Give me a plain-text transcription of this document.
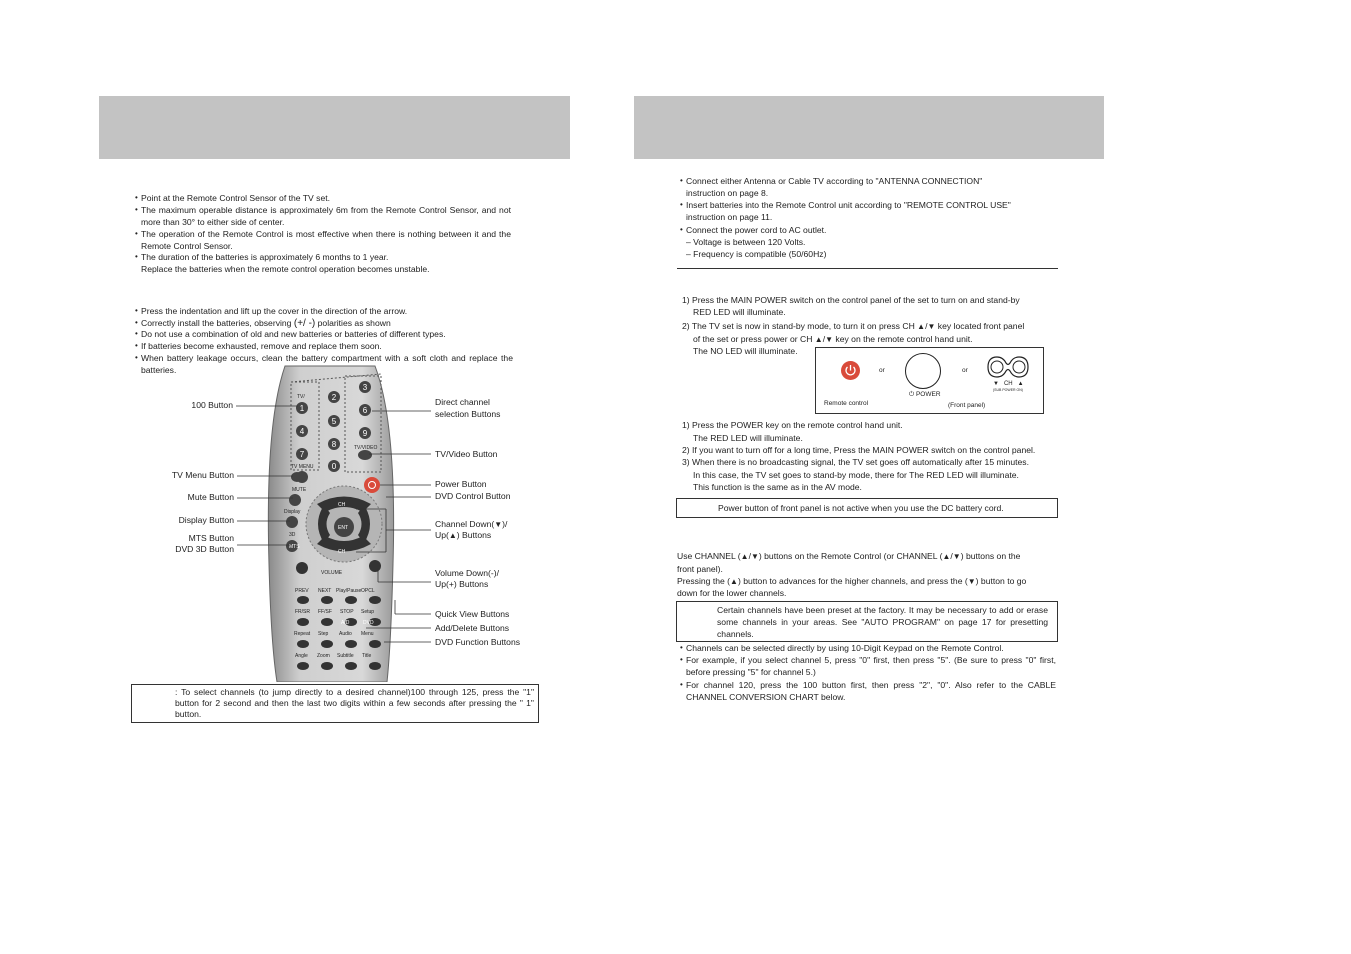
• Point at the Remote Control Sensor of the TV set.
• The maximum operable distance is approximately 6m from the Remote Control Sensor, and not more than 30° to either side of center.
• The operation of the Remote Control is most effective when there is nothing between it and the Remote Control Sensor.
• The duration of the batteries is approximately 6 months to 1 year.
Replace the batteries when the remote control operation becomes unstable.
• Press the indentation and lift up the cover in the direction of the arrow.
• Correctly install the batteries, observing (+/ -) polarities as shown
• Do not use a combination of old and new batteries or batteries of different types.
• If batteries become exhausted, remove and replace them soon.
• When battery leakage occurs, clean the battery compartment with a soft cloth and replace the batteries.
1
2
3
4
5
6
7
8
9
0
TV/
TV MENU
TV/VIDEO
MUTE
Display
3D
MTS
CH
CH
ENT
VOLUME
PREV NEXT Play/Pause OPCL
FR/SR FF/SF STOP Setup
A/D	DVD
Repeat Step Audio Menu
Angle Zoom Subtitle Title
100 Button
TV Menu Button
Mute Button
Display Button
MTS Button
DVD 3D Button
Direct channel
selection Buttons
TV/Video Button
Power Button
DVD Control Button
Channel Down(▼)/
Up(▲) Buttons
Volume Down(-)/
Up(+) Buttons
Quick View Buttons
Add/Delete Buttons
DVD Function Buttons
: To select channels (to jump directly to a desired channel)100 through 125, press the "1" button for 2 second and then the last two digits within a few seconds after pressing the " 1" button.
• Connect either Antenna or Cable TV according to "ANTENNA CONNECTION"
instruction on page 8.
• Insert batteries into the Remote Control unit according to "REMOTE CONTROL USE"
instruction on page 11.
• Connect the power cord to AC outlet.
– Voltage is between 120 Volts.
– Frequency is compatible (50/60Hz)
1) Press the MAIN POWER switch on the control panel of the set to turn on and stand-by
RED LED will illuminate.
2) The TV set is now in stand-by mode, to turn it on press CH ▲/▼ key located front panel
of the set or press power or CH ▲/▼ key on the remote control hand unit.
The NO LED will illuminate.
or
⏻ POWER
or
▼ CH ▲
(SUB POWER ON)
Remote control	(Front panel)
1) Press the POWER key on the remote control hand unit.
The RED LED will illuminate.
2) If you want to turn off for a long time, Press the MAIN POWER switch on the control panel.
3) When there is no broadcasting signal, the TV set goes off automatically after 15 minutes.
In this case, the TV set goes to stand-by mode, there for The RED LED will illuminate.
This function is the same as in the AV mode.
Power button of front panel is not active when you use the DC battery cord.
Use CHANNEL (▲/▼) buttons on the Remote Control (or CHANNEL (▲/▼) buttons on the
front panel).
Pressing the (▲) button to advances for the higher channels, and press the (▼) button to go
down for the lower channels.
Certain channels have been preset at the factory. It may be necessary to add or erase some channels in your areas. See "AUTO PROGRAM" on page 17 for presetting channels.
• Channels can be selected directly by using 10-Digit Keypad on the Remote Control.
• For example, if you select channel 5, press "0" first, then press "5". (Be sure to press "0" first, before pressing "5" for channel 5.)
• For channel 120, press the 100 button first, then press "2", "0". Also refer to the CABLE CHANNEL CONVERSION CHART below.
